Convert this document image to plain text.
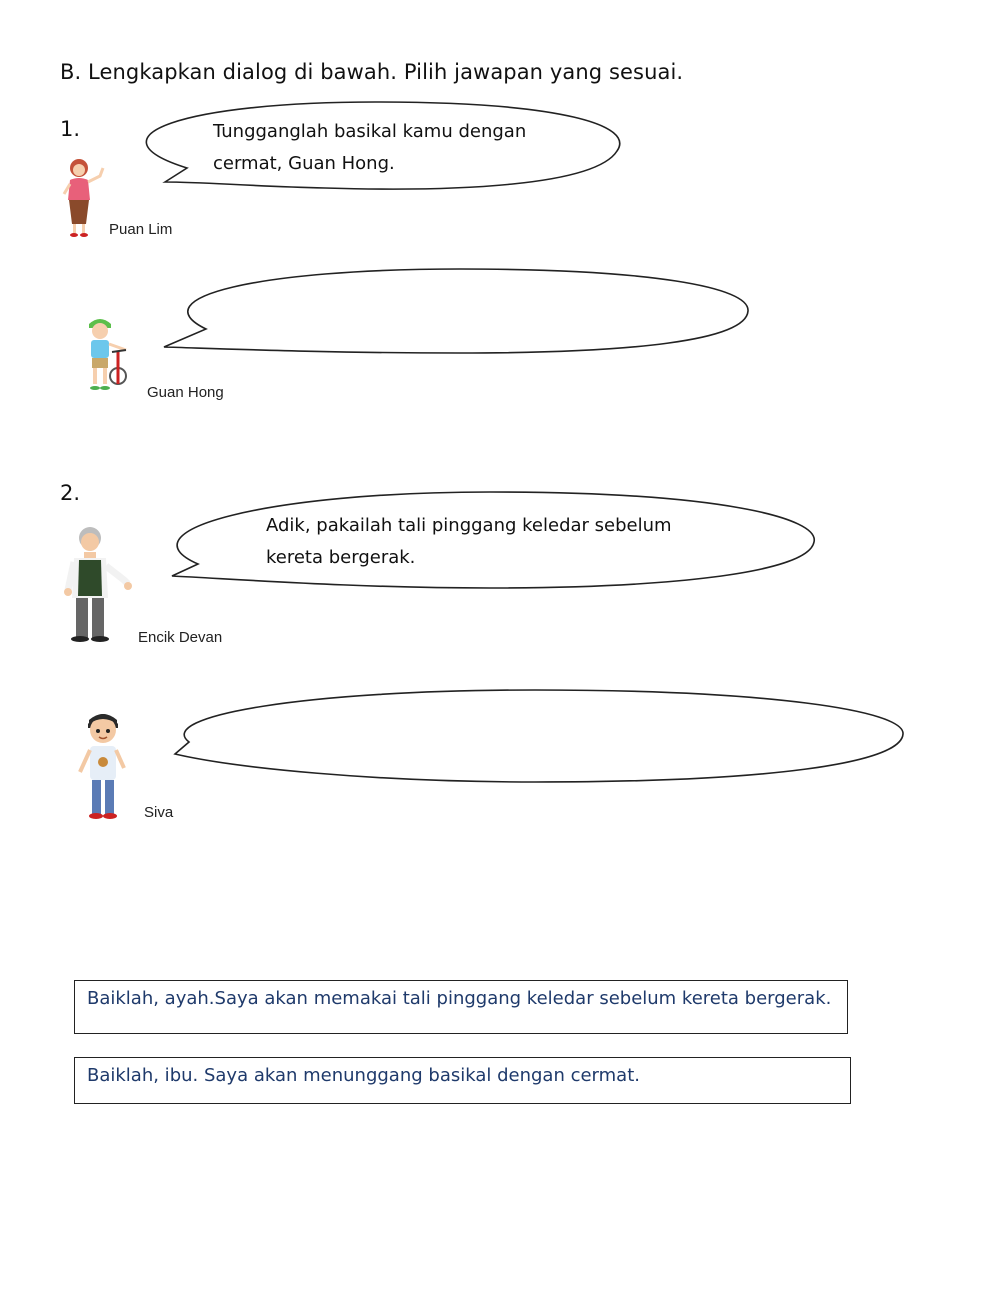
B. Lengkapkan dialog di bawah. Pilih jawapan yang sesuai.
1.	Tungganglah basikal kamu dengan
cermat, Guan Hong.
Puan Lim
Guan Hong
2.
Adik, pakailah tali pinggang keledar sebelum
kereta bergerak.
Encik Devan
Siva
Baiklah, ayah.Saya akan memakai tali pinggang keledar sebelum kereta bergerak.
Baiklah, ibu. Saya akan menunggang basikal dengan cermat.
